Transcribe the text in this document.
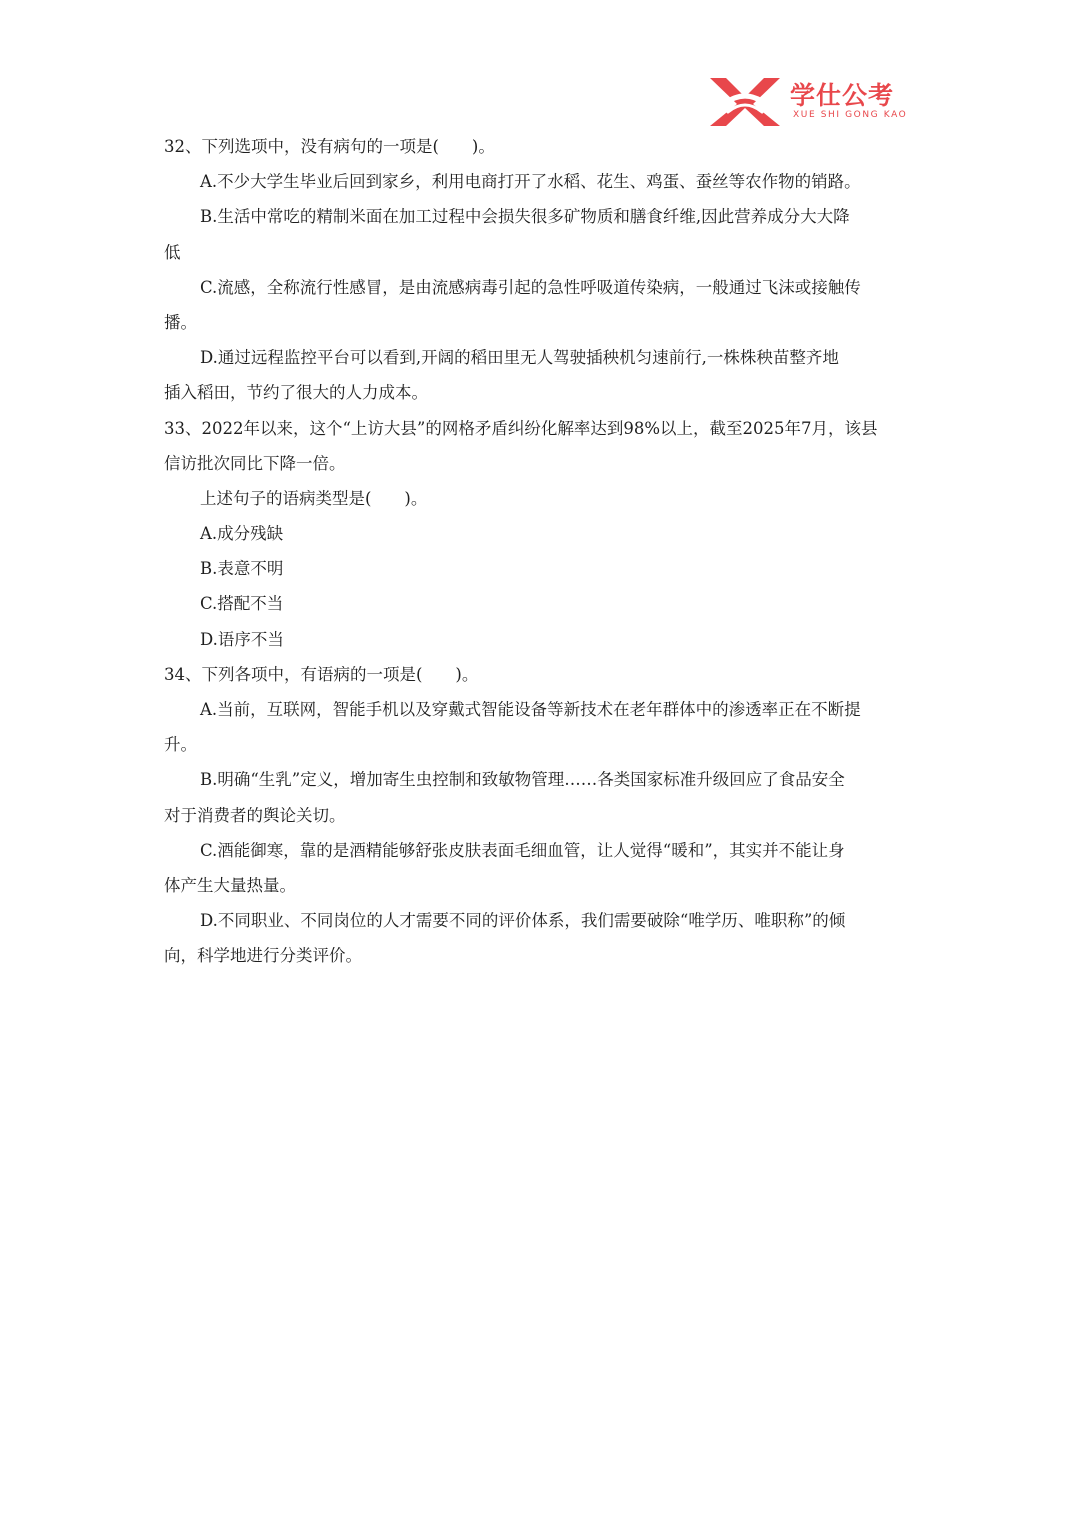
学仕公考
XUE SHI GONG KAO
32、下列选项中，没有病句的一项是(　　)。
A.不少大学生毕业后回到家乡，利用电商打开了水稻、花生、鸡蛋、蚕丝等农作物的销路。
B.生活中常吃的精制米面在加工过程中会损失很多矿物质和膳食纤维,因此营养成分大大降
低
C.流感，全称流行性感冒，是由流感病毒引起的急性呼吸道传染病，一般通过飞沫或接触传
播。
D.通过远程监控平台可以看到,开阔的稻田里无人驾驶插秧机匀速前行,一株株秧苗整齐地
插入稻田，节约了很大的人力成本。
33、2022年以来，这个“上访大县”的网格矛盾纠纷化解率达到98%以上，截至2025年7月，该县
信访批次同比下降一倍。
上述句子的语病类型是(　　)。
A.成分残缺
B.表意不明
C.搭配不当
D.语序不当
34、下列各项中，有语病的一项是(　　)。
A.当前，互联网，智能手机以及穿戴式智能设备等新技术在老年群体中的渗透率正在不断提
升。
B.明确“生乳”定义，增加寄生虫控制和致敏物管理……各类国家标准升级回应了食品安全
对于消费者的舆论关切。
C.酒能御寒，靠的是酒精能够舒张皮肤表面毛细血管，让人觉得“暖和”，其实并不能让身
体产生大量热量。
D.不同职业、不同岗位的人才需要不同的评价体系，我们需要破除“唯学历、唯职称”的倾
向，科学地进行分类评价。
